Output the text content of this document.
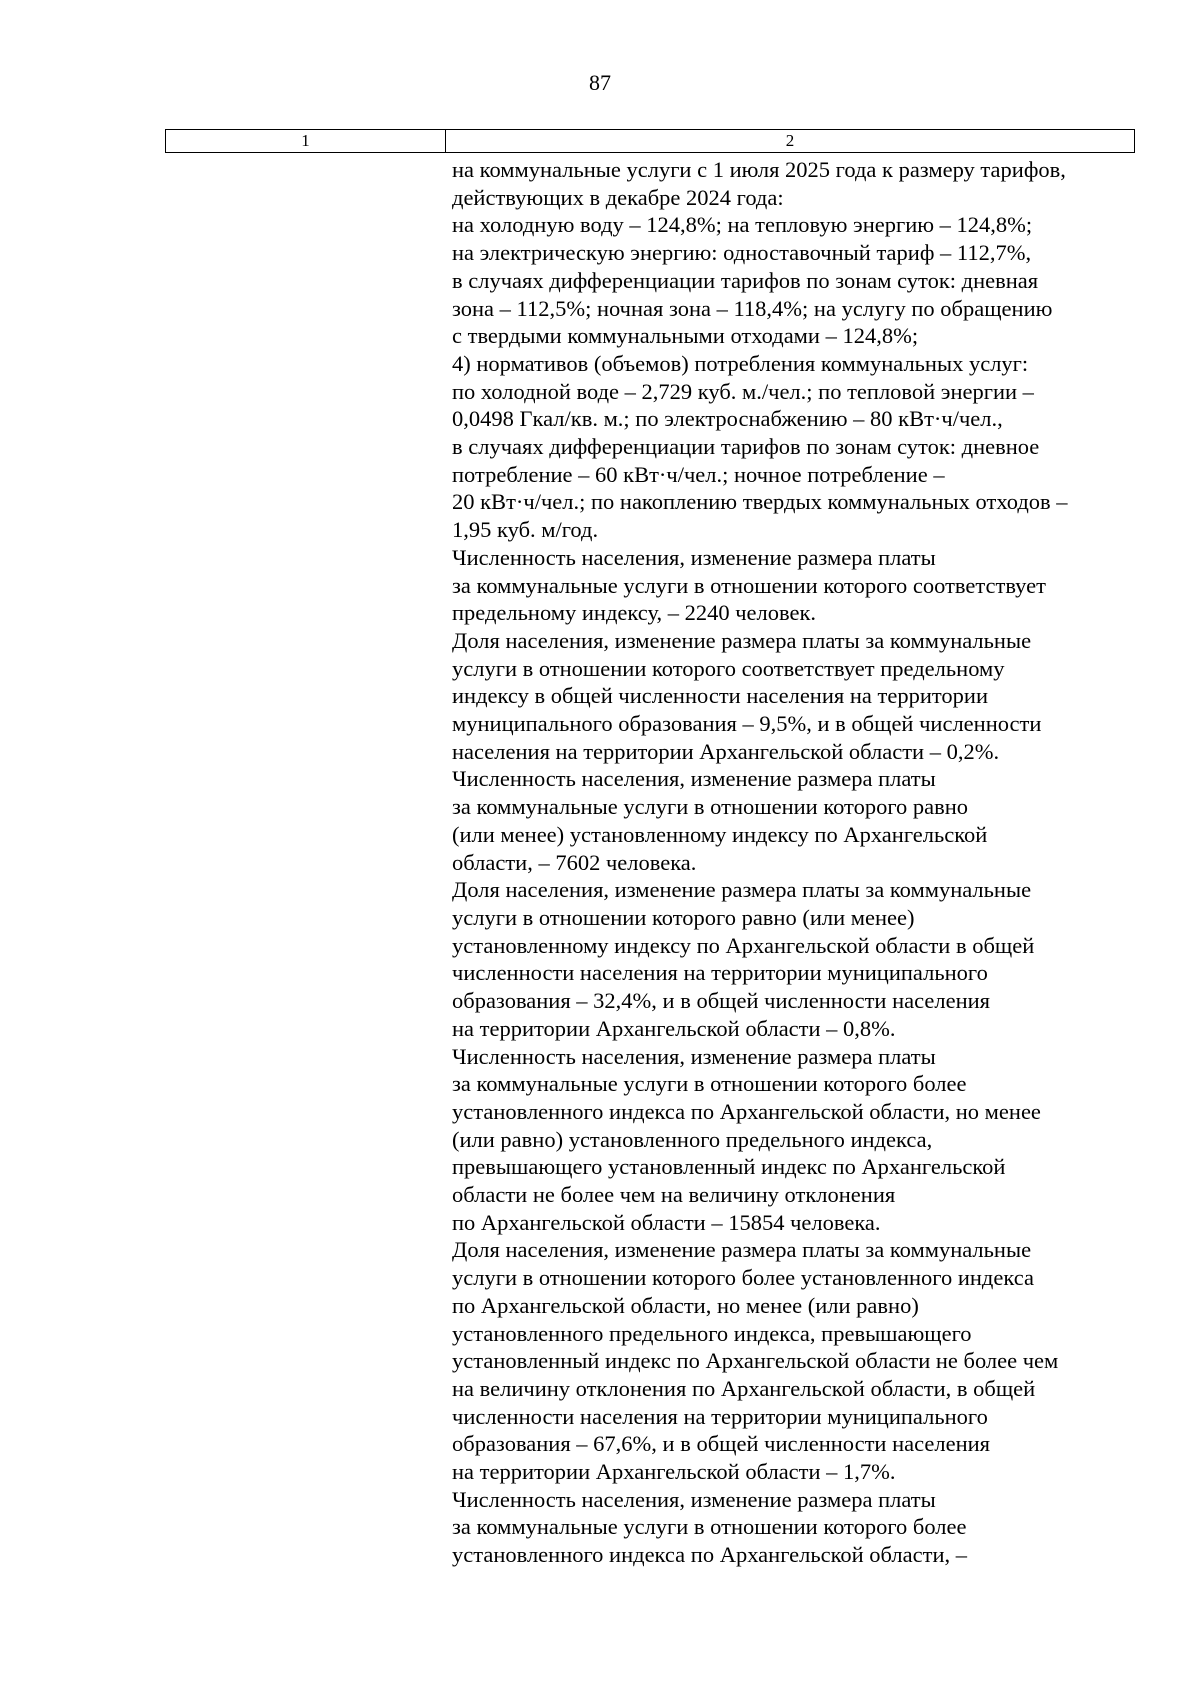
87
1	2
на коммунальные услуги с 1 июля 2025 года к размеру тарифов,
действующих в декабре 2024 года:
на холодную воду – 124,8%; на тепловую энергию – 124,8%;
на электрическую энергию: одноставочный тариф – 112,7%,
в случаях дифференциации тарифов по зонам суток: дневная
зона – 112,5%; ночная зона – 118,4%; на услугу по обращению
с твердыми коммунальными отходами – 124,8%;
4) нормативов (объемов) потребления коммунальных услуг:
по холодной воде – 2,729 куб. м./чел.; по тепловой энергии –
0,0498 Гкал/кв. м.; по электроснабжению – 80 кВт·ч/чел.,
в случаях дифференциации тарифов по зонам суток: дневное
потребление – 60 кВт·ч/чел.; ночное потребление –
20 кВт·ч/чел.; по накоплению твердых коммунальных отходов –
1,95 куб. м/год.
Численность населения, изменение размера платы
за коммунальные услуги в отношении которого соответствует
предельному индексу, – 2240 человек.
Доля населения, изменение размера платы за коммунальные
услуги в отношении которого соответствует предельному
индексу в общей численности населения на территории
муниципального образования – 9,5%, и в общей численности
населения на территории Архангельской области – 0,2%.
Численность населения, изменение размера платы
за коммунальные услуги в отношении которого равно
(или менее) установленному индексу по Архангельской
области, – 7602 человека.
Доля населения, изменение размера платы за коммунальные
услуги в отношении которого равно (или менее)
установленному индексу по Архангельской области в общей
численности населения на территории муниципального
образования – 32,4%, и в общей численности населения
на территории Архангельской области – 0,8%.
Численность населения, изменение размера платы
за коммунальные услуги в отношении которого более
установленного индекса по Архангельской области, но менее
(или равно) установленного предельного индекса,
превышающего установленный индекс по Архангельской
области не более чем на величину отклонения
по Архангельской области – 15854 человека.
Доля населения, изменение размера платы за коммунальные
услуги в отношении которого более установленного индекса
по Архангельской области, но менее (или равно)
установленного предельного индекса, превышающего
установленный индекс по Архангельской области не более чем
на величину отклонения по Архангельской области, в общей
численности населения на территории муниципального
образования – 67,6%, и в общей численности населения
на территории Архангельской области – 1,7%.
Численность населения, изменение размера платы
за коммунальные услуги в отношении которого более
установленного индекса по Архангельской области, –
